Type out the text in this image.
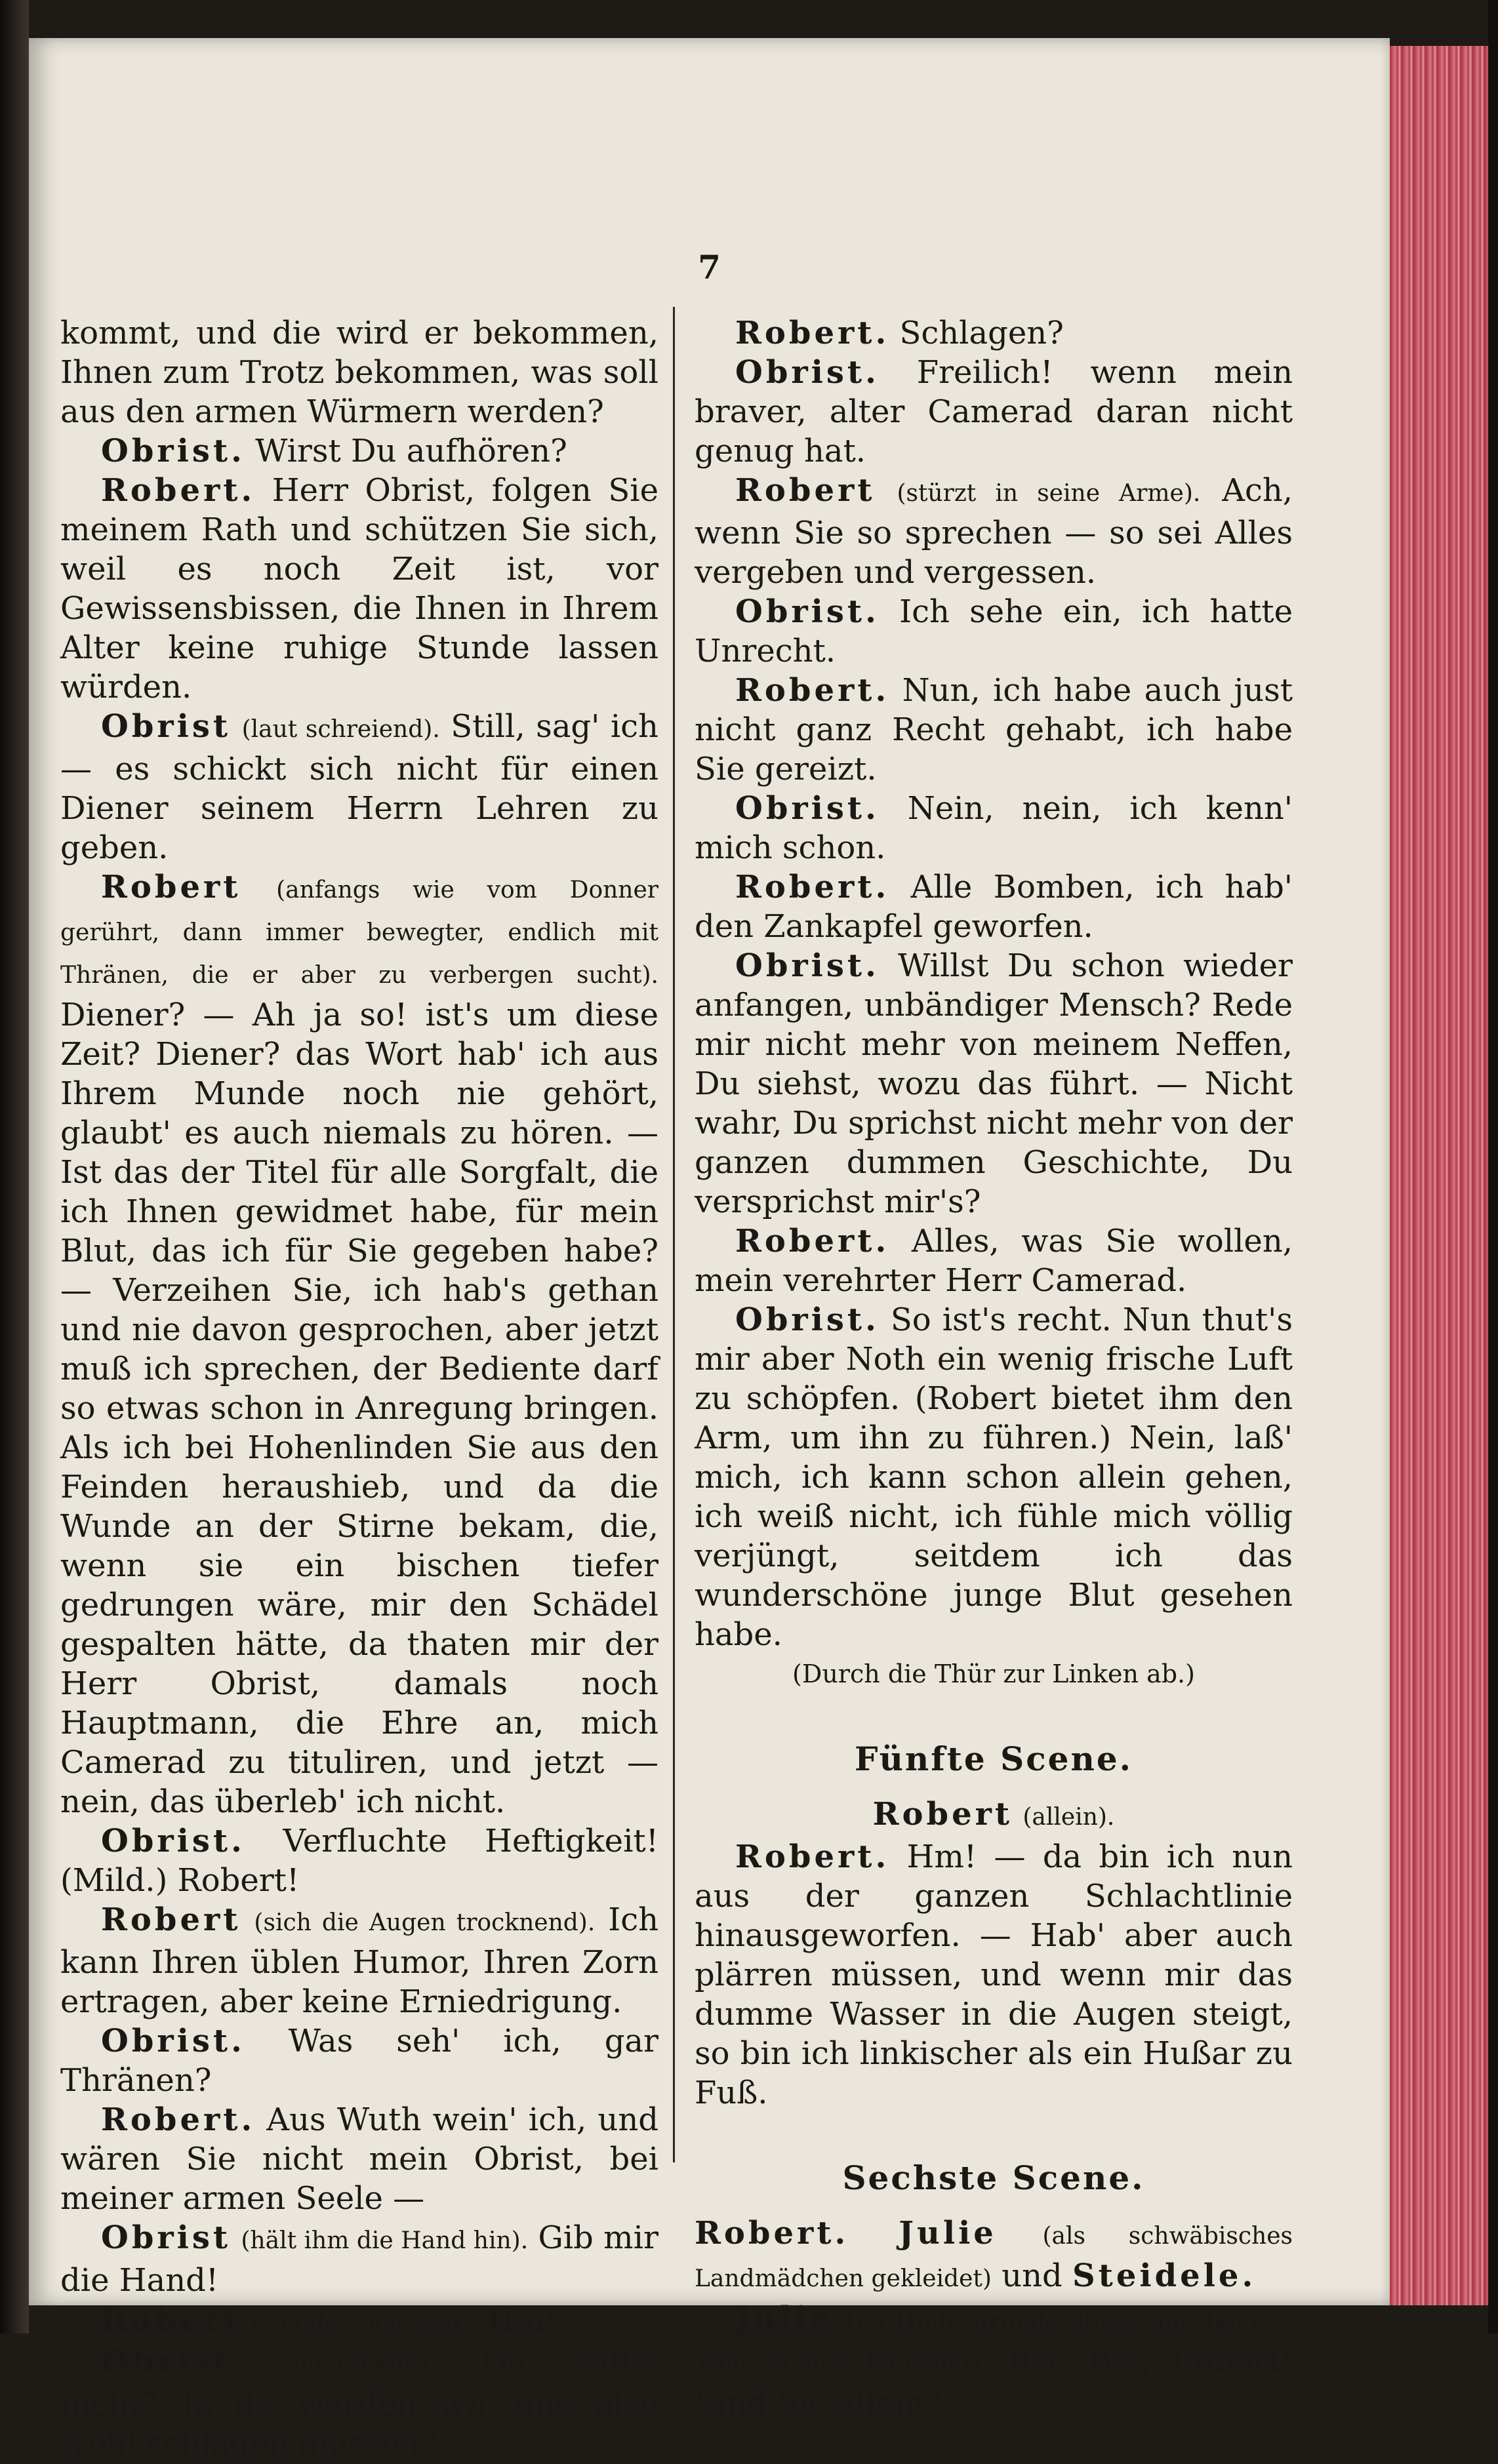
7

kommt, und die wird er bekommen, Ihnen zum Trotz bekommen, was soll aus den armen Würmern werden?

Obrist. Wirst Du aufhören?

Robert. Herr Obrist, folgen Sie meinem Rath und schützen Sie sich, weil es noch Zeit ist, vor Gewissensbissen, die Ihnen in Ihrem Alter keine ruhige Stunde lassen würden.

Obrist (laut schreiend). Still, sag' ich — es schickt sich nicht für einen Diener seinem Herrn Lehren zu geben.

Robert (anfangs wie vom Donner gerührt, dann immer bewegter, endlich mit Thränen, die er aber zu verbergen sucht). Diener? — Ah ja so! ist's um diese Zeit? Diener? das Wort hab' ich aus Ihrem Munde noch nie gehört, glaubt' es auch niemals zu hören. — Ist das der Titel für alle Sorgfalt, die ich Ihnen gewidmet habe, für mein Blut, das ich für Sie gegeben habe? — Verzeihen Sie, ich hab's gethan und nie davon gesprochen, aber jetzt muß ich sprechen, der Bediente darf so etwas schon in Anregung bringen. Als ich bei Hohenlinden Sie aus den Feinden heraushieb, und da die Wunde an der Stirne bekam, die, wenn sie ein bischen tiefer gedrungen wäre, mir den Schädel gespalten hätte, da thaten mir der Herr Obrist, damals noch Hauptmann, die Ehre an, mich Camerad zu tituliren, und jetzt — nein, das überleb' ich nicht.

Obrist. Verfluchte Heftigkeit! (Mild.) Robert!

Robert (sich die Augen trocknend). Ich kann Ihren üblen Humor, Ihren Zorn ertragen, aber keine Erniedrigung.

Obrist. Was seh' ich, gar Thränen?

Robert. Aus Wuth wein' ich, und wären Sie nicht mein Obrist, bei meiner armen Seele —

Obrist (hält ihm die Hand hin). Gib mir die Hand!

Robert (wendet sich weg). Hm!

Obrist (aufstehend). Du willst nicht? Ja da werden wir uns also wohl schlagen müssen?

Robert. Schlagen?

Obrist. Freilich! wenn mein braver, alter Camerad daran nicht genug hat.

Robert (stürzt in seine Arme). Ach, wenn Sie so sprechen — so sei Alles vergeben und vergessen.

Obrist. Ich sehe ein, ich hatte Unrecht.

Robert. Nun, ich habe auch just nicht ganz Recht gehabt, ich habe Sie gereizt.

Obrist. Nein, nein, ich kenn' mich schon.

Robert. Alle Bomben, ich hab' den Zankapfel geworfen.

Obrist. Willst Du schon wieder anfangen, unbändiger Mensch? Rede mir nicht mehr von meinem Neffen, Du siehst, wozu das führt. — Nicht wahr, Du sprichst nicht mehr von der ganzen dummen Geschichte, Du versprichst mir's?

Robert. Alles, was Sie wollen, mein verehrter Herr Camerad.

Obrist. So ist's recht. Nun thut's mir aber Noth ein wenig frische Luft zu schöpfen. (Robert bietet ihm den Arm, um ihn zu führen.) Nein, laß' mich, ich kann schon allein gehen, ich weiß nicht, ich fühle mich völlig verjüngt, seitdem ich das wunderschöne junge Blut gesehen habe.

(Durch die Thür zur Linken ab.)

Fünfte Scene.

Robert (allein).

Robert. Hm! — da bin ich nun aus der ganzen Schlachtlinie hinausgeworfen. — Hab' aber auch plärren müssen, und wenn mir das dumme Wasser in die Augen steigt, so bin ich linkischer als ein Hußar zu Fuß.

Sechste Scene.

Robert. Julie (als schwäbisches Landmädchen gekleidet) und Steidele.

Julie (im Hintergrunde, leise, und bei der Thür stehen bleibend). Bst, Bst, Robert! Sind Sie allein?
